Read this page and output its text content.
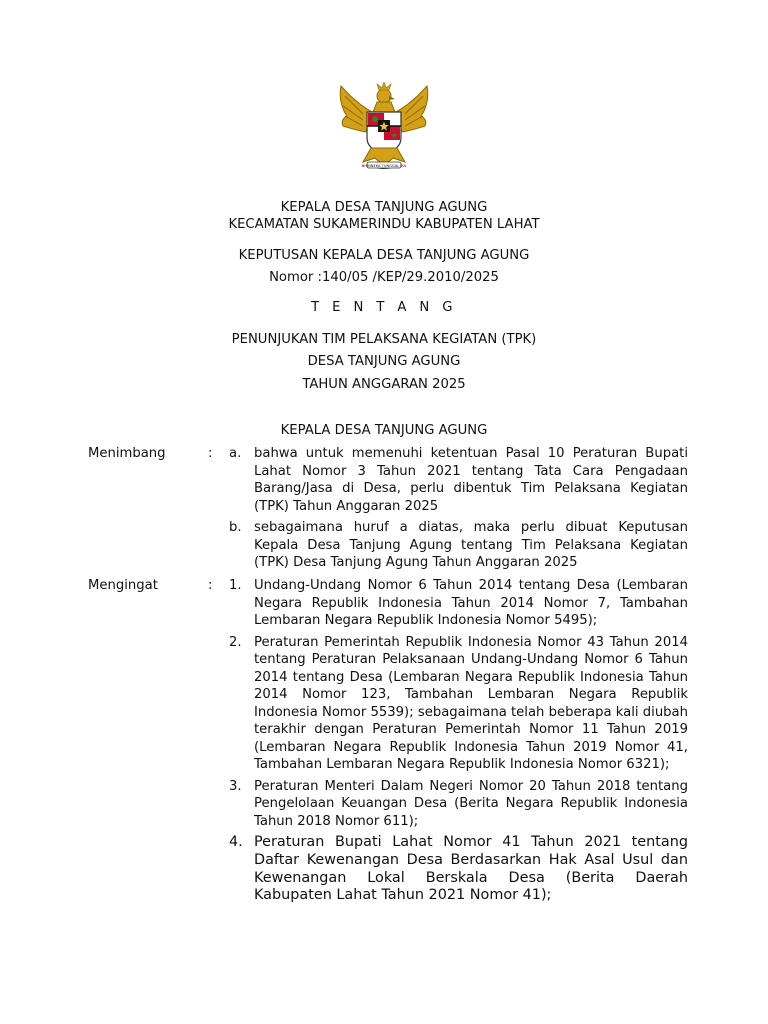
BHINNEKA TUNGGAL IKA
KEPALA DESA TANJUNG AGUNG
KECAMATAN SUKAMERINDU KABUPATEN LAHAT
KEPUTUSAN KEPALA DESA TANJUNG AGUNG
Nomor :140/05 /KEP/29.2010/2025
T E N T A N G
PENUNJUKAN TIM PELAKSANA KEGIATAN (TPK)
DESA TANJUNG AGUNG
TAHUN ANGGARAN 2025
KEPALA DESA TANJUNG AGUNG
Menimbang	: a. bahwa untuk memenuhi ketentuan Pasal 10 Peraturan Bupati Lahat Nomor 3 Tahun 2021 tentang Tata Cara Pengadaan Barang/Jasa di Desa, perlu dibentuk Tim Pelaksana Kegiatan (TPK) Tahun Anggaran 2025
b. sebagaimana huruf a diatas, maka perlu dibuat Keputusan Kepala Desa Tanjung Agung tentang Tim Pelaksana Kegiatan (TPK) Desa Tanjung Agung Tahun Anggaran 2025
Mengingat	: 1. Undang-Undang Nomor 6 Tahun 2014 tentang Desa (Lembaran Negara Republik Indonesia Tahun 2014 Nomor 7, Tambahan Lembaran Negara Republik Indonesia Nomor 5495);
2. Peraturan Pemerintah Republik Indonesia Nomor 43 Tahun 2014 tentang Peraturan Pelaksanaan Undang-Undang Nomor 6 Tahun 2014 tentang Desa (Lembaran Negara Republik Indonesia Tahun 2014 Nomor 123, Tambahan Lembaran Negara Republik Indonesia Nomor 5539); sebagaimana telah beberapa kali diubah terakhir dengan Peraturan Pemerintah Nomor 11 Tahun 2019 (Lembaran Negara Republik Indonesia Tahun 2019 Nomor 41, Tambahan Lembaran Negara Republik Indonesia Nomor 6321);
3. Peraturan Menteri Dalam Negeri Nomor 20 Tahun 2018 tentang Pengelolaan Keuangan Desa (Berita Negara Republik Indonesia Tahun 2018 Nomor 611);
4. Peraturan Bupati Lahat Nomor 41 Tahun 2021 tentang Daftar Kewenangan Desa Berdasarkan Hak Asal Usul dan Kewenangan Lokal Berskala Desa (Berita Daerah Kabupaten Lahat Tahun 2021 Nomor 41);
